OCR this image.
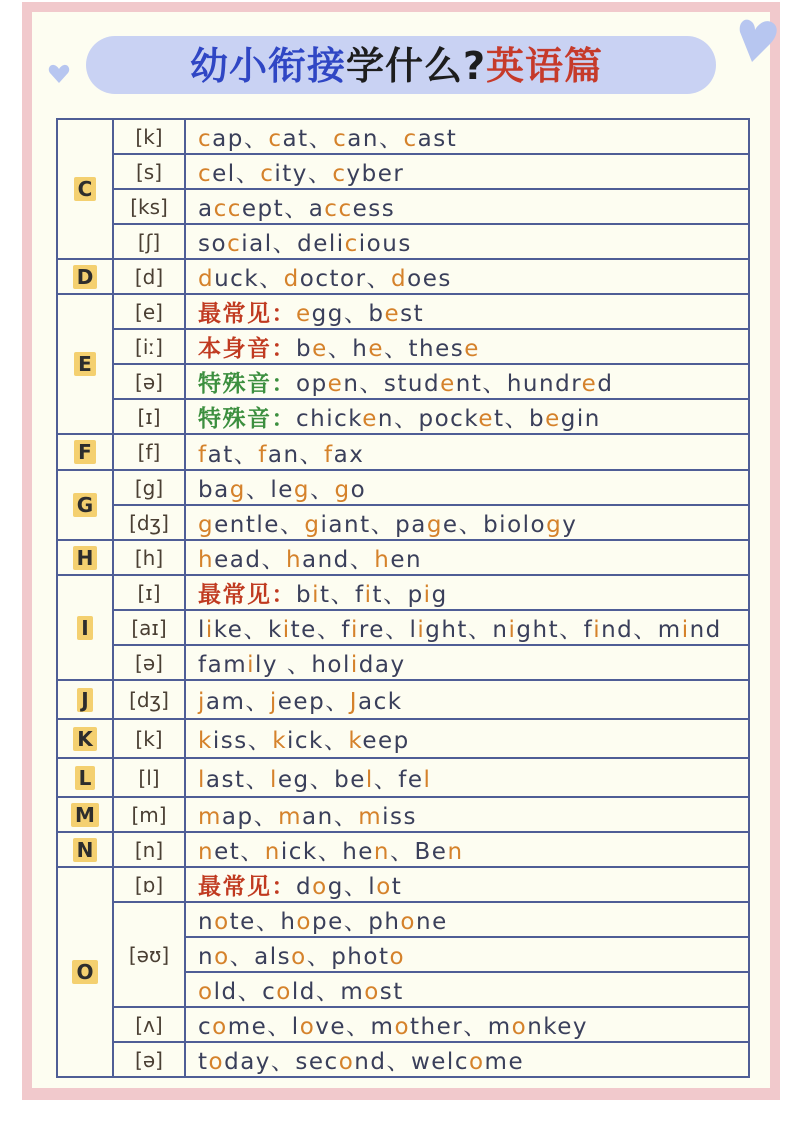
幼小衔接学什么?英语篇
C	[k]	cap、cat、can、cast
	[s]	cel、city、cyber
	[ks]	accept、access
	[ʃ]	social、delicious
D	[d]	duck、doctor、does
E	[e]	最常见：egg、best
	[iː]	本身音：be、he、these
	[ə]	特殊音：open、student、hundred
	[ɪ]	特殊音：chicken、pocket、begin
F	[f]	fat、fan、fax
G	[g]	bag、leg、go
	[dʒ]	gentle、giant、page、biology
H	[h]	head、hand、hen
I	[ɪ]	最常见：bit、fit、pig
	[aɪ]	like、kite、fire、light、night、find、mind
	[ə]	family 、holiday
J	[dʒ]	jam、jeep、Jack
K	[k]	kiss、kick、keep
L	[l]	last、leg、bel、fel
M	[m]	map、man、miss
N	[n]	net、nick、hen、Ben
O	[ɒ]	最常见：dog、lot
	[əʊ]	note、hope、phone
		no、also、photo
		old、cold、most
	[ʌ]	come、love、mother、monkey
	[ə]	today、second、welcome
